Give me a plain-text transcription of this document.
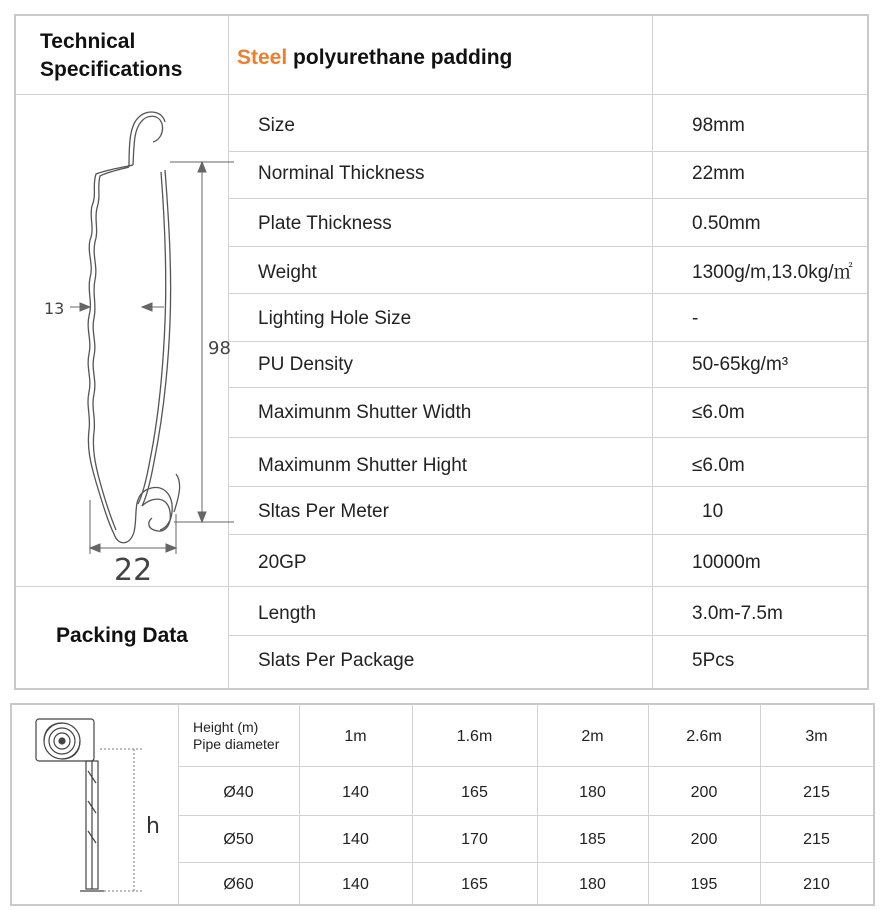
Technical
Specifications
Steel polyurethane padding
Size	98mm
Norminal Thickness	22mm
Plate Thickness	0.50mm
Weight	1300g/m,13.0kg/㎡
Lighting Hole Size	-
PU Density	50-65kg/m³
Maximunm Shutter Width	≤6.0m
Maximunm Shutter Hight	≤6.0m
Sltas Per Meter	10
20GP	10000m
Packing Data
Length	3.0m-7.5m
Slats Per Package	5Pcs
13
98
22
Height (m)
Pipe diameter	1m	1.6m	2m	2.6m	3m
Ø40	140	165	180	200	215
Ø50	140	170	185	200	215
Ø60	140	165	180	195	210
h
